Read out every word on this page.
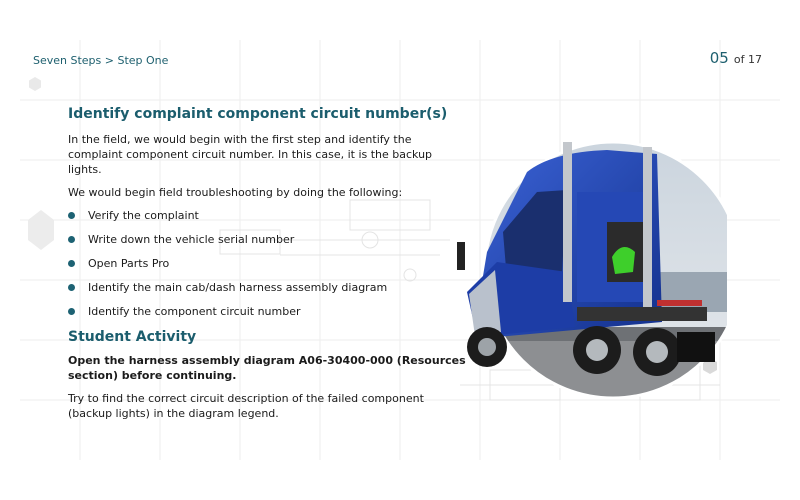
Seven Steps > Step One	05 of 17
Identify complaint component circuit number(s)

In the field, we would begin with the first step and identify the complaint component circuit number. In this case, it is the backup lights.

We would begin field troubleshooting by doing the following:

Verify the complaint
Write down the vehicle serial number
Open Parts Pro
Identify the main cab/dash harness assembly diagram
Identify the component circuit number
Student Activity

Open the harness assembly diagram A06-30400-000 (Resources section) before continuing.

Try to find the correct circuit description of the failed component (backup lights) in the diagram legend.
